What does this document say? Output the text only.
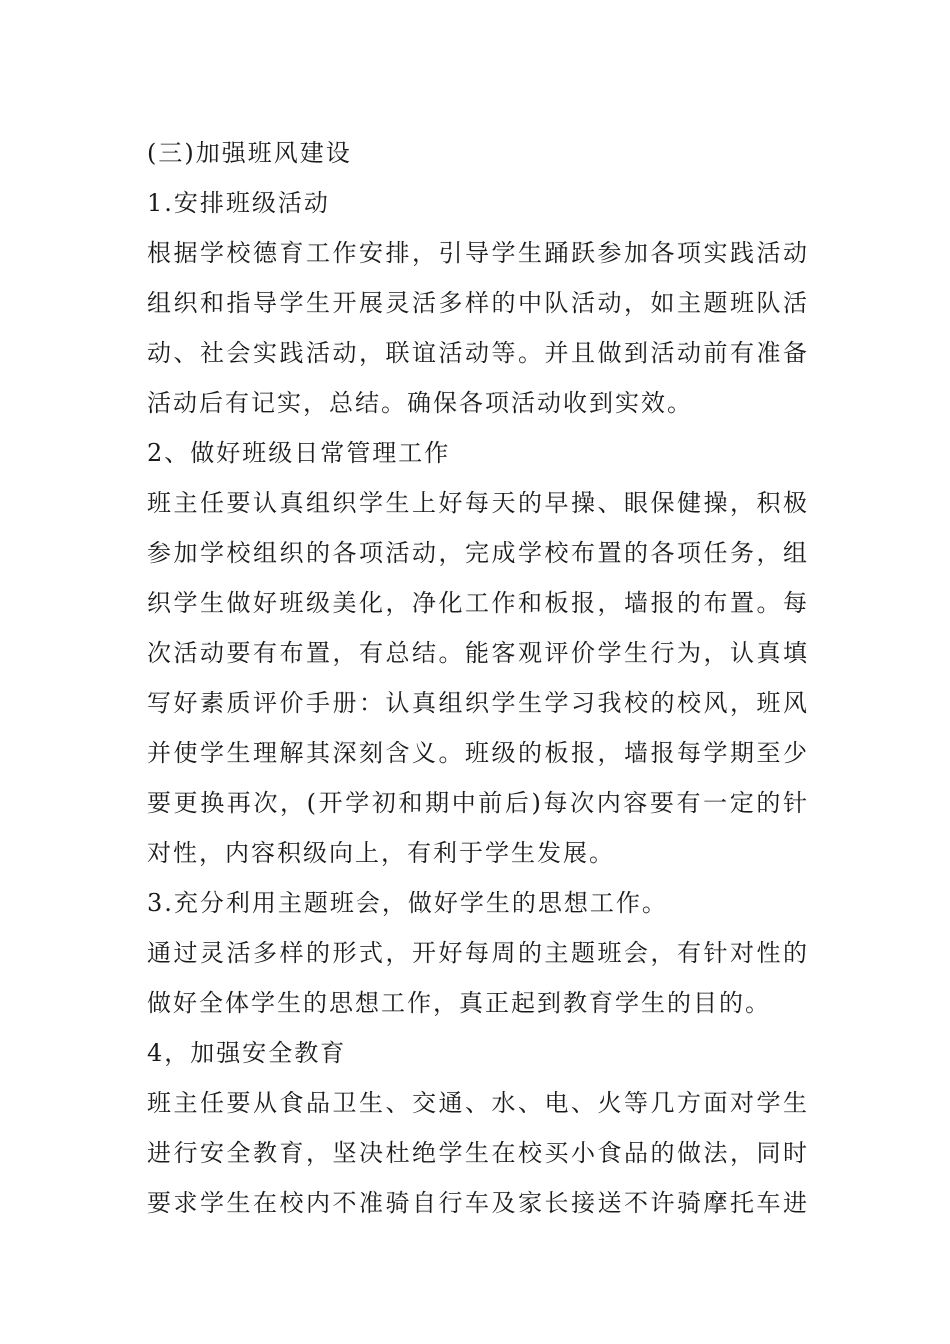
(三)加强班风建设
1.安排班级活动
根据学校德育工作安排，引导学生踊跃参加各项实践活动
组织和指导学生开展灵活多样的中队活动，如主题班队活
动、社会实践活动，联谊活动等。并且做到活动前有准备
活动后有记实，总结。确保各项活动收到实效。
2、做好班级日常管理工作
班主任要认真组织学生上好每天的早操、眼保健操，积极
参加学校组织的各项活动，完成学校布置的各项任务，组
织学生做好班级美化，净化工作和板报，墙报的布置。每
次活动要有布置，有总结。能客观评价学生行为，认真填
写好素质评价手册：认真组织学生学习我校的校风，班风
并使学生理解其深刻含义。班级的板报，墙报每学期至少
要更换再次，(开学初和期中前后)每次内容要有一定的针
对性，内容积级向上，有利于学生发展。
3.充分利用主题班会，做好学生的思想工作。
通过灵活多样的形式，开好每周的主题班会，有针对性的
做好全体学生的思想工作，真正起到教育学生的目的。
4，加强安全教育
班主任要从食品卫生、交通、水、电、火等几方面对学生
进行安全教育，坚决杜绝学生在校买小食品的做法，同时
要求学生在校内不准骑自行车及家长接送不许骑摩托车进
